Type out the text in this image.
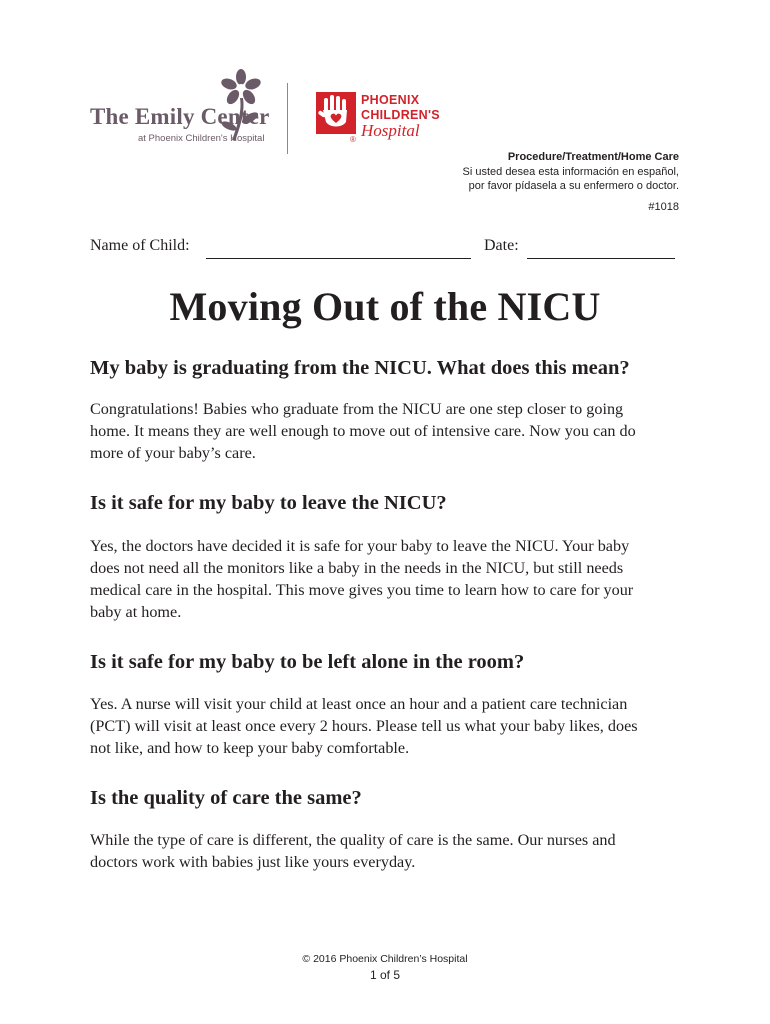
The Emily Center
at Phoenix Children's Hospital
PHOENIX
CHILDREN'S
Hospital
®
Procedure/Treatment/Home Care
Si usted desea esta información en español,
por favor pídasela a su enfermero o doctor.
#1018
Name of Child:	Date:
Moving Out of the NICU
My baby is graduating from the NICU. What does this mean?

Congratulations! Babies who graduate from the NICU are one step closer to going
home. It means they are well enough to move out of intensive care. Now you can do
more of your baby’s care.

Is it safe for my baby to leave the NICU?

Yes, the doctors have decided it is safe for your baby to leave the NICU. Your baby
does not need all the monitors like a baby in the needs in the NICU, but still needs
medical care in the hospital. This move gives you time to learn how to care for your
baby at home.

Is it safe for my baby to be left alone in the room?

Yes. A nurse will visit your child at least once an hour and a patient care technician
(PCT) will visit at least once every 2 hours. Please tell us what your baby likes, does
not like, and how to keep your baby comfortable.

Is the quality of care the same?

While the type of care is different, the quality of care is the same. Our nurses and
doctors work with babies just like yours everyday.

© 2016 Phoenix Children’s Hospital
1 of 5
